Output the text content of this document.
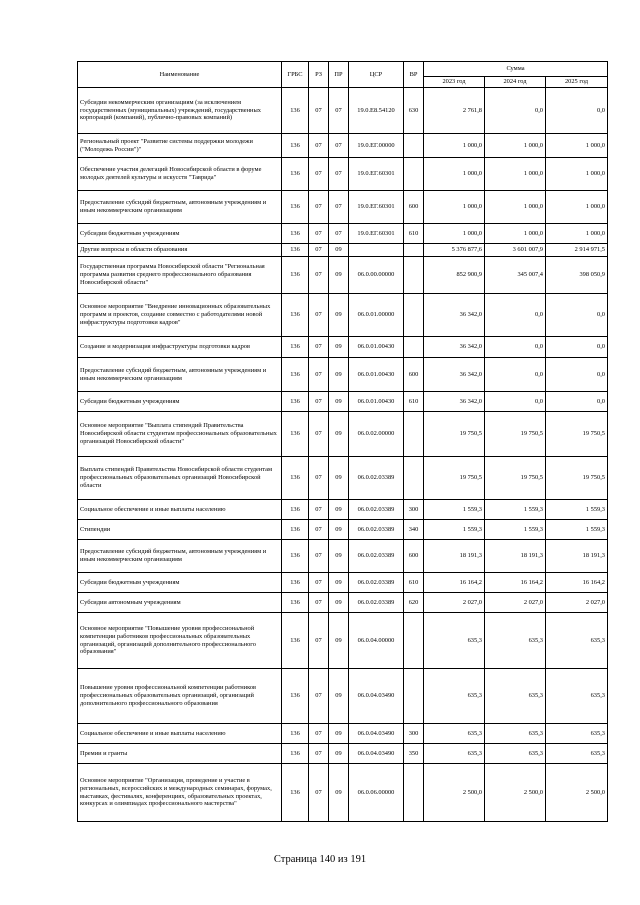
Наименование	ГРБС	РЗ	ПР	ЦСР	ВР	Сумма		
						2023 год	2024 год	2025 год
Субсидии некоммерческим организациям (за исключением государственных (муниципальных) учреждений, государственных корпораций (компаний), публично-правовых компаний)	136	07	07	19.0.E8.54120	630	2 761,8	0,0	0,0
Региональный проект "Развитие системы поддержки молодежи ("Молодежь России")"	136	07	07	19.0.ЕГ.00000		1 000,0	1 000,0	1 000,0
Обеспечение участия делегаций Новосибирской области в форуме молодых деятелей культуры и искусств "Таврида"	136	07	07	19.0.ЕГ.60301		1 000,0	1 000,0	1 000,0
Предоставление субсидий бюджетным, автономным учреждениям и иным некоммерческим организациям	136	07	07	19.0.ЕГ.60301	600	1 000,0	1 000,0	1 000,0
Субсидии бюджетным учреждениям	136	07	07	19.0.ЕГ.60301	610	1 000,0	1 000,0	1 000,0
Другие вопросы в области образования	136	07	09			5 376 877,6	3 601 007,9	2 914 971,5
Государственная программа Новосибирской области "Региональная программа развития среднего профессионального образования Новосибирской области"	136	07	09	06.0.00.00000		852 900,9	345 007,4	398 050,9
Основное мероприятие "Внедрение инновационных образовательных программ и проектов, создание совместно с работодателями новой инфраструктуры подготовки кадров"	136	07	09	06.0.01.00000		36 342,0	0,0	0,0
Создание и модернизация инфраструктуры подготовки кадров	136	07	09	06.0.01.00430		36 342,0	0,0	0,0
Предоставление субсидий бюджетным, автономным учреждениям и иным некоммерческим организациям	136	07	09	06.0.01.00430	600	36 342,0	0,0	0,0
Субсидии бюджетным учреждениям	136	07	09	06.0.01.00430	610	36 342,0	0,0	0,0
Основное мероприятие "Выплата стипендий Правительства Новосибирской области студентам профессиональных образовательных организаций Новосибирской области"	136	07	09	06.0.02.00000		19 750,5	19 750,5	19 750,5
Выплата стипендий Правительства Новосибирской области студентам профессиональных образовательных организаций Новосибирской области	136	07	09	06.0.02.03389		19 750,5	19 750,5	19 750,5
Социальное обеспечение и иные выплаты населению	136	07	09	06.0.02.03389	300	1 559,3	1 559,3	1 559,3
Стипендии	136	07	09	06.0.02.03389	340	1 559,3	1 559,3	1 559,3
Предоставление субсидий бюджетным, автономным учреждениям и иным некоммерческим организациям	136	07	09	06.0.02.03389	600	18 191,3	18 191,3	18 191,3
Субсидии бюджетным учреждениям	136	07	09	06.0.02.03389	610	16 164,2	16 164,2	16 164,2
Субсидии автономным учреждениям	136	07	09	06.0.02.03389	620	2 027,0	2 027,0	2 027,0
Основное мероприятие "Повышение уровня профессиональной компетенции работников профессиональных образовательных организаций, организаций дополнительного профессионального образования"	136	07	09	06.0.04.00000		635,3	635,3	635,3
Повышение уровня профессиональной компетенции работников профессиональных образовательных организаций, организаций дополнительного профессионального образования	136	07	09	06.0.04.03490		635,3	635,3	635,3
Социальное обеспечение и иные выплаты населению	136	07	09	06.0.04.03490	300	635,3	635,3	635,3
Премии и гранты	136	07	09	06.0.04.03490	350	635,3	635,3	635,3
Основное мероприятие "Организация, проведение и участие в региональных, всероссийских и международных семинарах, форумах, выставках, фестивалях, конференциях, образовательных проектах, конкурсах и олимпиадах профессионального мастерства"	136	07	09	06.0.06.00000		2 500,0	2 500,0	2 500,0
Страница 140 из 191
